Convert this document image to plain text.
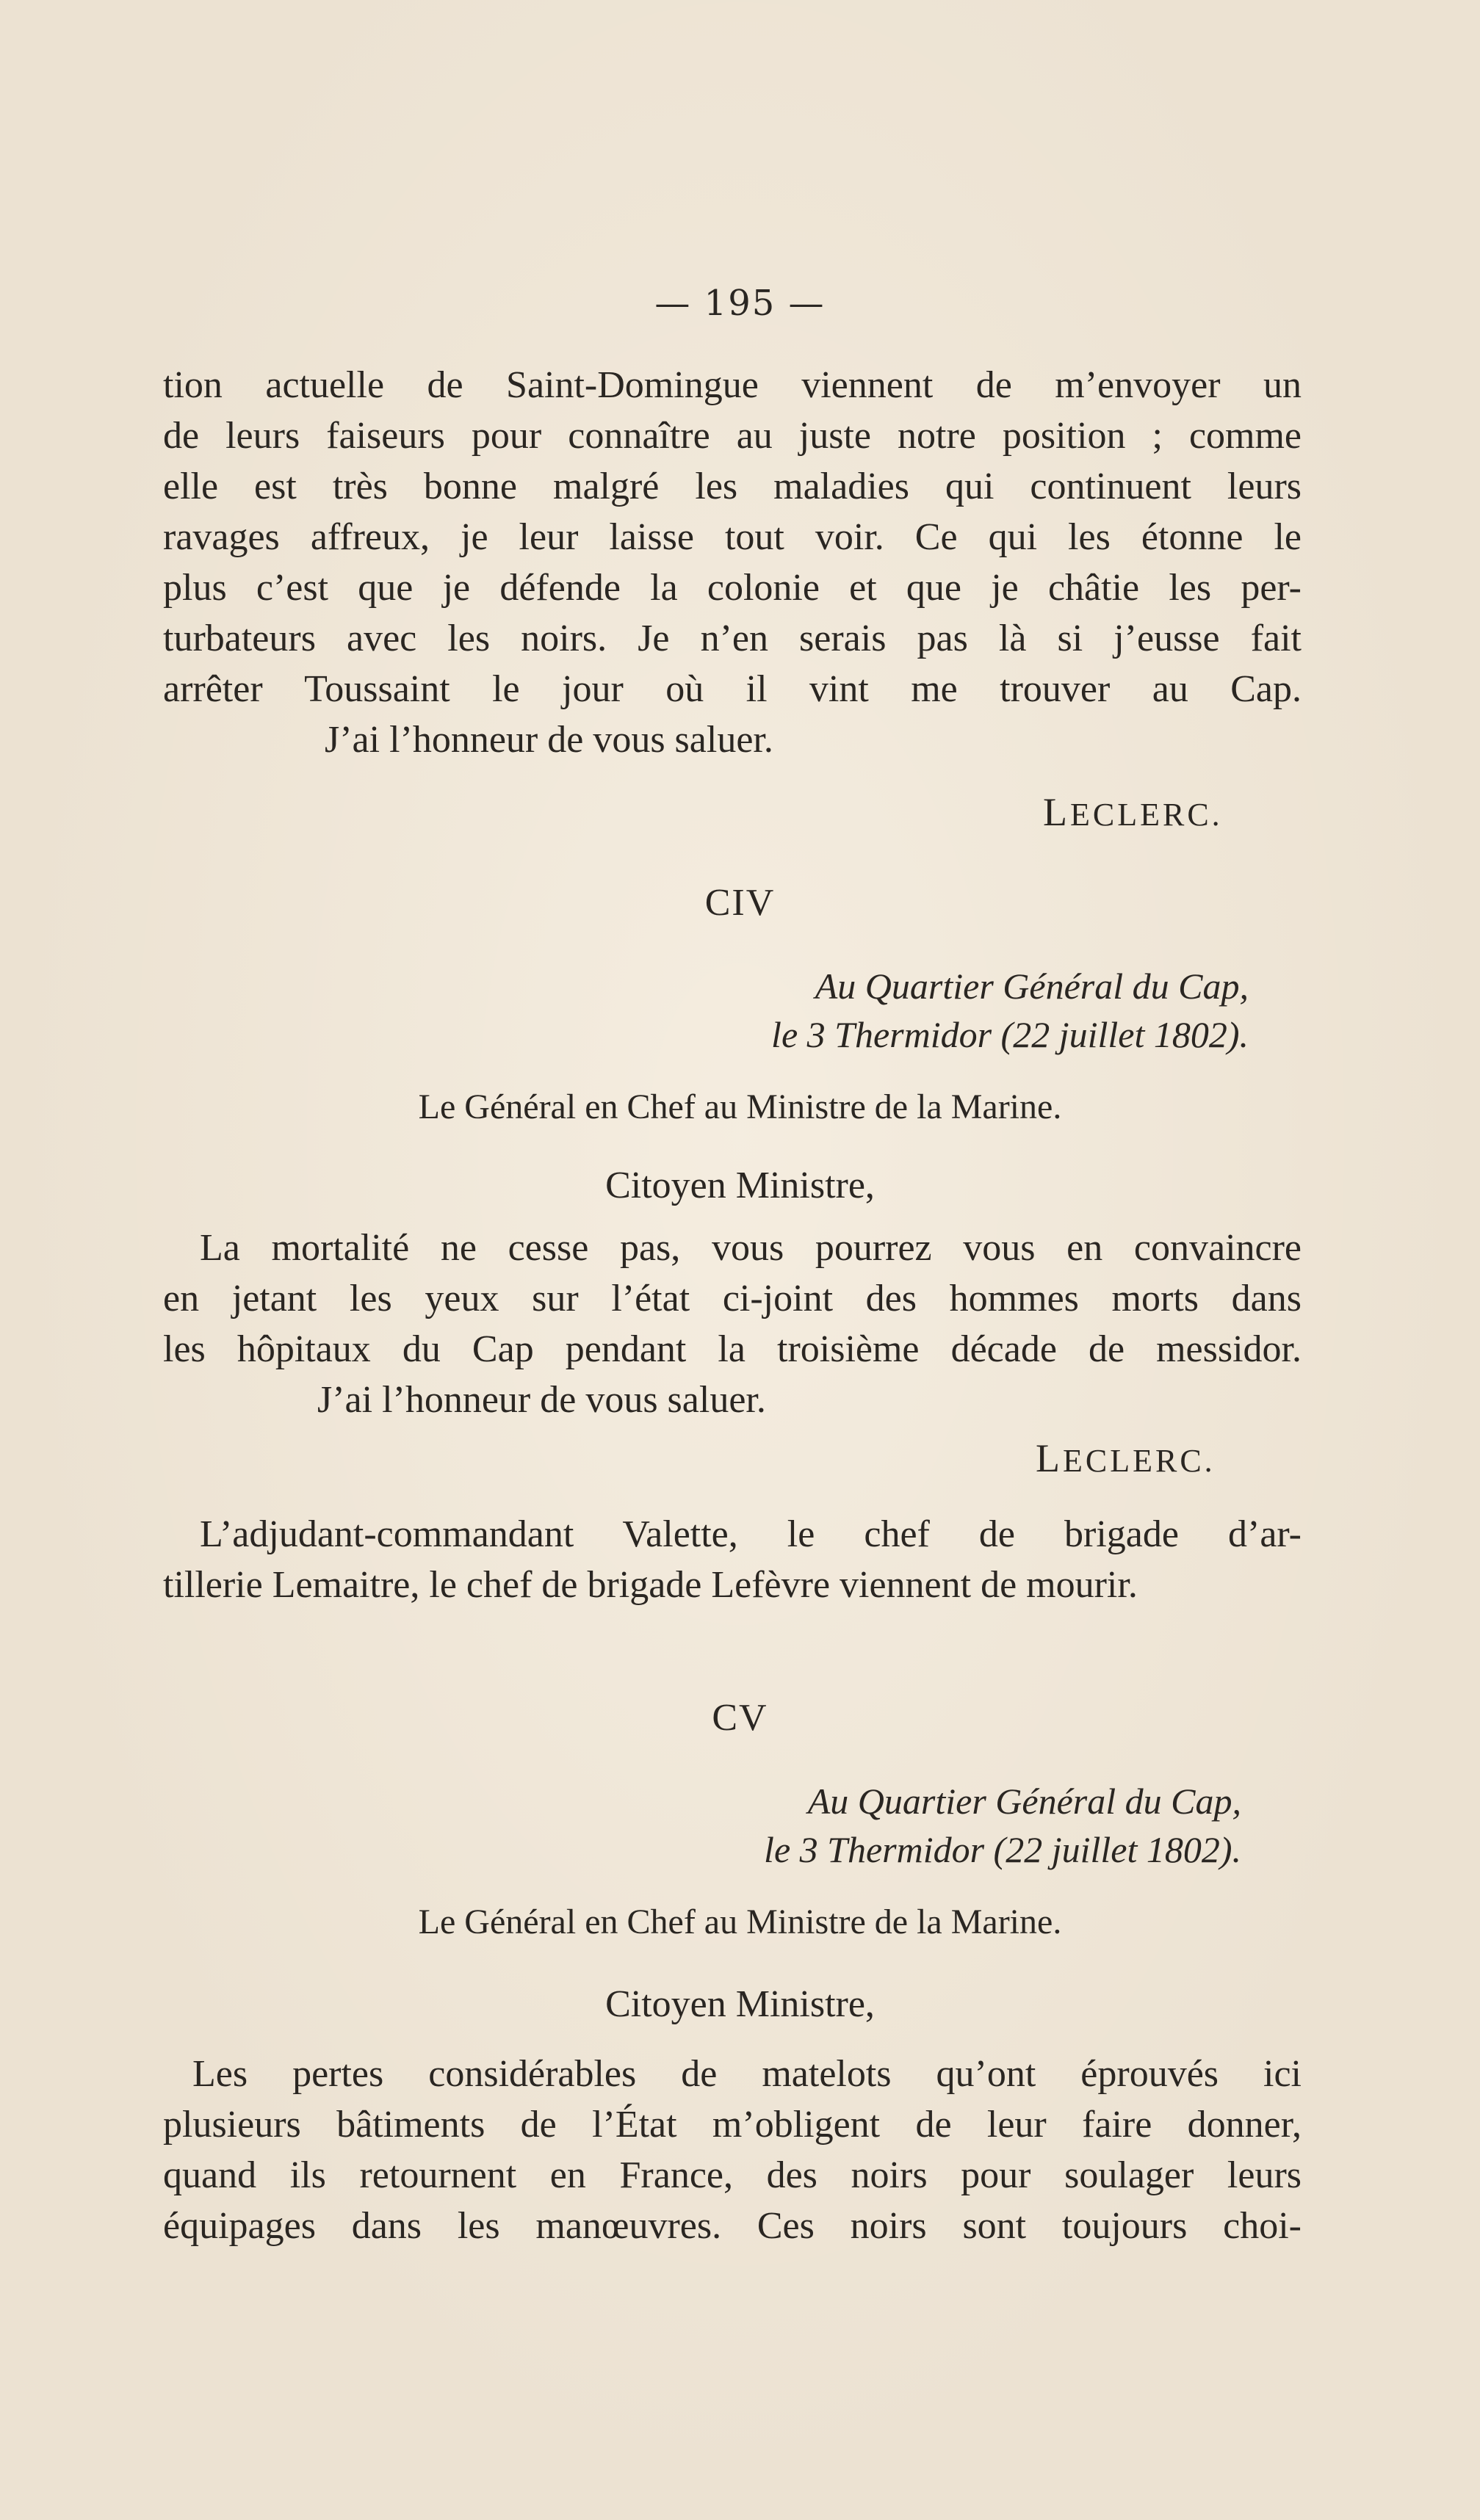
— 195 —
tion actuelle de Saint-Domingue viennent de m’envoyer un
de leurs faiseurs pour connaître au juste notre position ; comme
elle est très bonne malgré les maladies qui continuent leurs
ravages affreux, je leur laisse tout voir. Ce qui les étonne le
plus c’est que je défende la colonie et que je châtie les per-
turbateurs avec les noirs. Je n’en serais pas là si j’eusse fait
arrêter Toussaint le jour où il vint me trouver au Cap.
J’ai l’honneur de vous saluer.
LECLERC.
CIV
Au Quartier Général du Cap,
le 3 Thermidor (22 juillet 1802).
Le Général en Chef au Ministre de la Marine.
Citoyen Ministre,
La mortalité ne cesse pas, vous pourrez vous en convaincre
en jetant les yeux sur l’état ci-joint des hommes morts dans
les hôpitaux du Cap pendant la troisième décade de messidor.
J’ai l’honneur de vous saluer.
LECLERC.
L’adjudant-commandant Valette, le chef de brigade d’ar-
tillerie Lemaitre, le chef de brigade Lefèvre viennent de mourir.
CV
Au Quartier Général du Cap,
le 3 Thermidor (22 juillet 1802).
Le Général en Chef au Ministre de la Marine.
Citoyen Ministre,
Les pertes considérables de matelots qu’ont éprouvés ici
plusieurs bâtiments de l’État m’obligent de leur faire donner,
quand ils retournent en France, des noirs pour soulager leurs
équipages dans les manœuvres. Ces noirs sont toujours choi-
